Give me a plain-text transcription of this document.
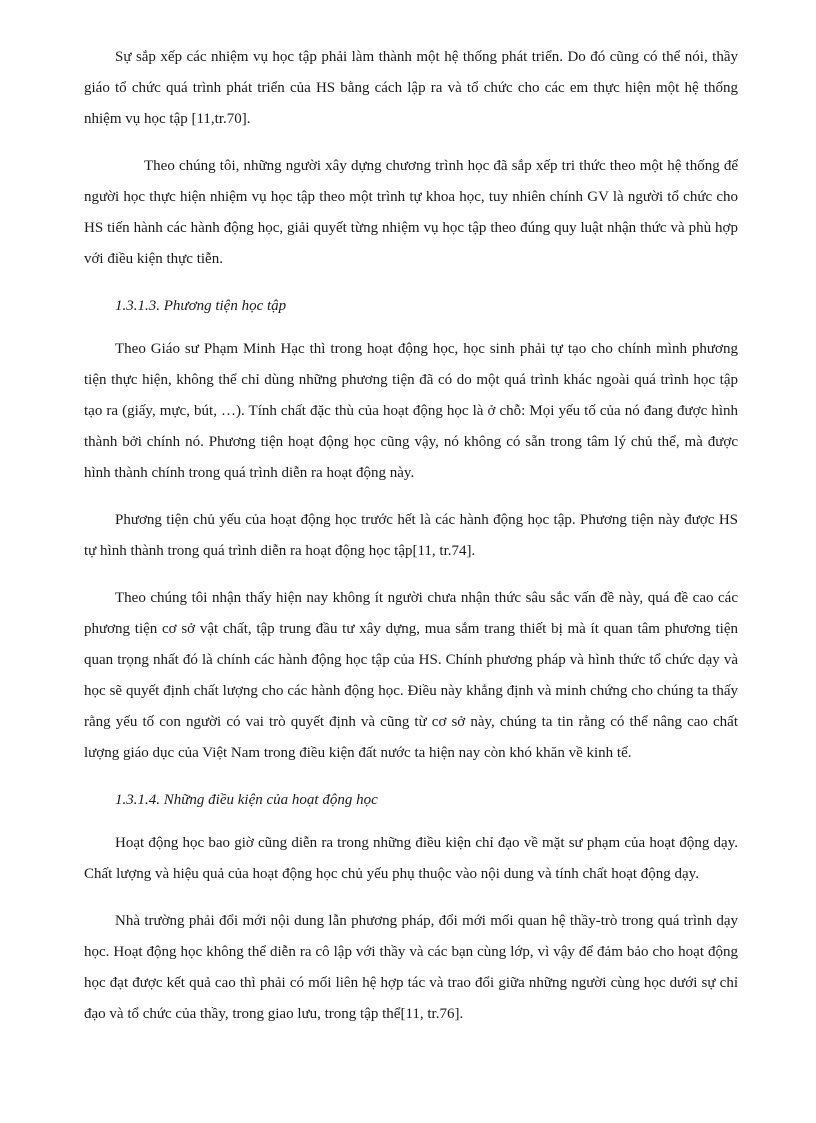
Sự sắp xếp các nhiệm vụ học tập phải làm thành một hệ thống phát triển. Do đó cũng có thể nói, thầy giáo tổ chức quá trình phát triển của HS bằng cách lập ra và tổ chức cho các em thực hiện một hệ thống nhiệm vụ học tập [11,tr.70].

Theo chúng tôi, những người xây dựng chương trình học đã sắp xếp tri thức theo một hệ thống để người học thực hiện nhiệm vụ học tập theo một trình tự khoa học, tuy nhiên chính GV là người tổ chức cho HS tiến hành các hành động học, giải quyết từng nhiệm vụ học tập theo đúng quy luật nhận thức và phù hợp với điều kiện thực tiễn.

1.3.1.3. Phương tiện học tập

Theo Giáo sư Phạm Minh Hạc thì trong hoạt động học, học sinh phải tự tạo cho chính mình phương tiện thực hiện, không thể chỉ dùng những phương tiện đã có do một quá trình khác ngoài quá trình học tập tạo ra (giấy, mực, bút, …). Tính chất đặc thù của hoạt động học là ở chỗ: Mọi yếu tố của nó đang được hình thành bởi chính nó. Phương tiện hoạt động học cũng vậy, nó không có sẵn trong tâm lý chủ thể, mà được hình thành chính trong quá trình diễn ra hoạt động này.

Phương tiện chủ yếu của hoạt động học trước hết là các hành động học tập. Phương tiện này được HS tự hình thành trong quá trình diễn ra hoạt động học tập[11, tr.74].

Theo chúng tôi nhận thấy hiện nay không ít người chưa nhận thức sâu sắc vấn đề này, quá đề cao các phương tiện cơ sở vật chất, tập trung đầu tư xây dựng, mua sắm trang thiết bị mà ít quan tâm phương tiện quan trọng nhất đó là chính các hành động học tập của HS. Chính phương pháp và hình thức tổ chức dạy và học sẽ quyết định chất lượng cho các hành động học. Điều này khẳng định và minh chứng cho chúng ta thấy rằng yếu tố con người có vai trò quyết định và cũng từ cơ sở này, chúng ta tin rằng có thể nâng cao chất lượng giáo dục của Việt Nam trong điều kiện đất nước ta hiện nay còn khó khăn về kinh tế.

1.3.1.4. Những điều kiện của hoạt động học

Hoạt động học bao giờ cũng diễn ra trong những điều kiện chỉ đạo về mặt sư phạm của hoạt động dạy. Chất lượng và hiệu quả của hoạt động học chủ yếu phụ thuộc vào nội dung và tính chất hoạt động dạy.

Nhà trường phải đổi mới nội dung lẫn phương pháp, đổi mới mối quan hệ thầy-trò trong quá trình dạy học. Hoạt động học không thể diễn ra cô lập với thầy và các bạn cùng lớp, vì vậy để đảm bảo cho hoạt động học đạt được kết quả cao thì phải có mối liên hệ hợp tác và trao đổi giữa những người cùng học dưới sự chỉ đạo và tổ chức của thầy, trong giao lưu, trong tập thể[11, tr.76].
